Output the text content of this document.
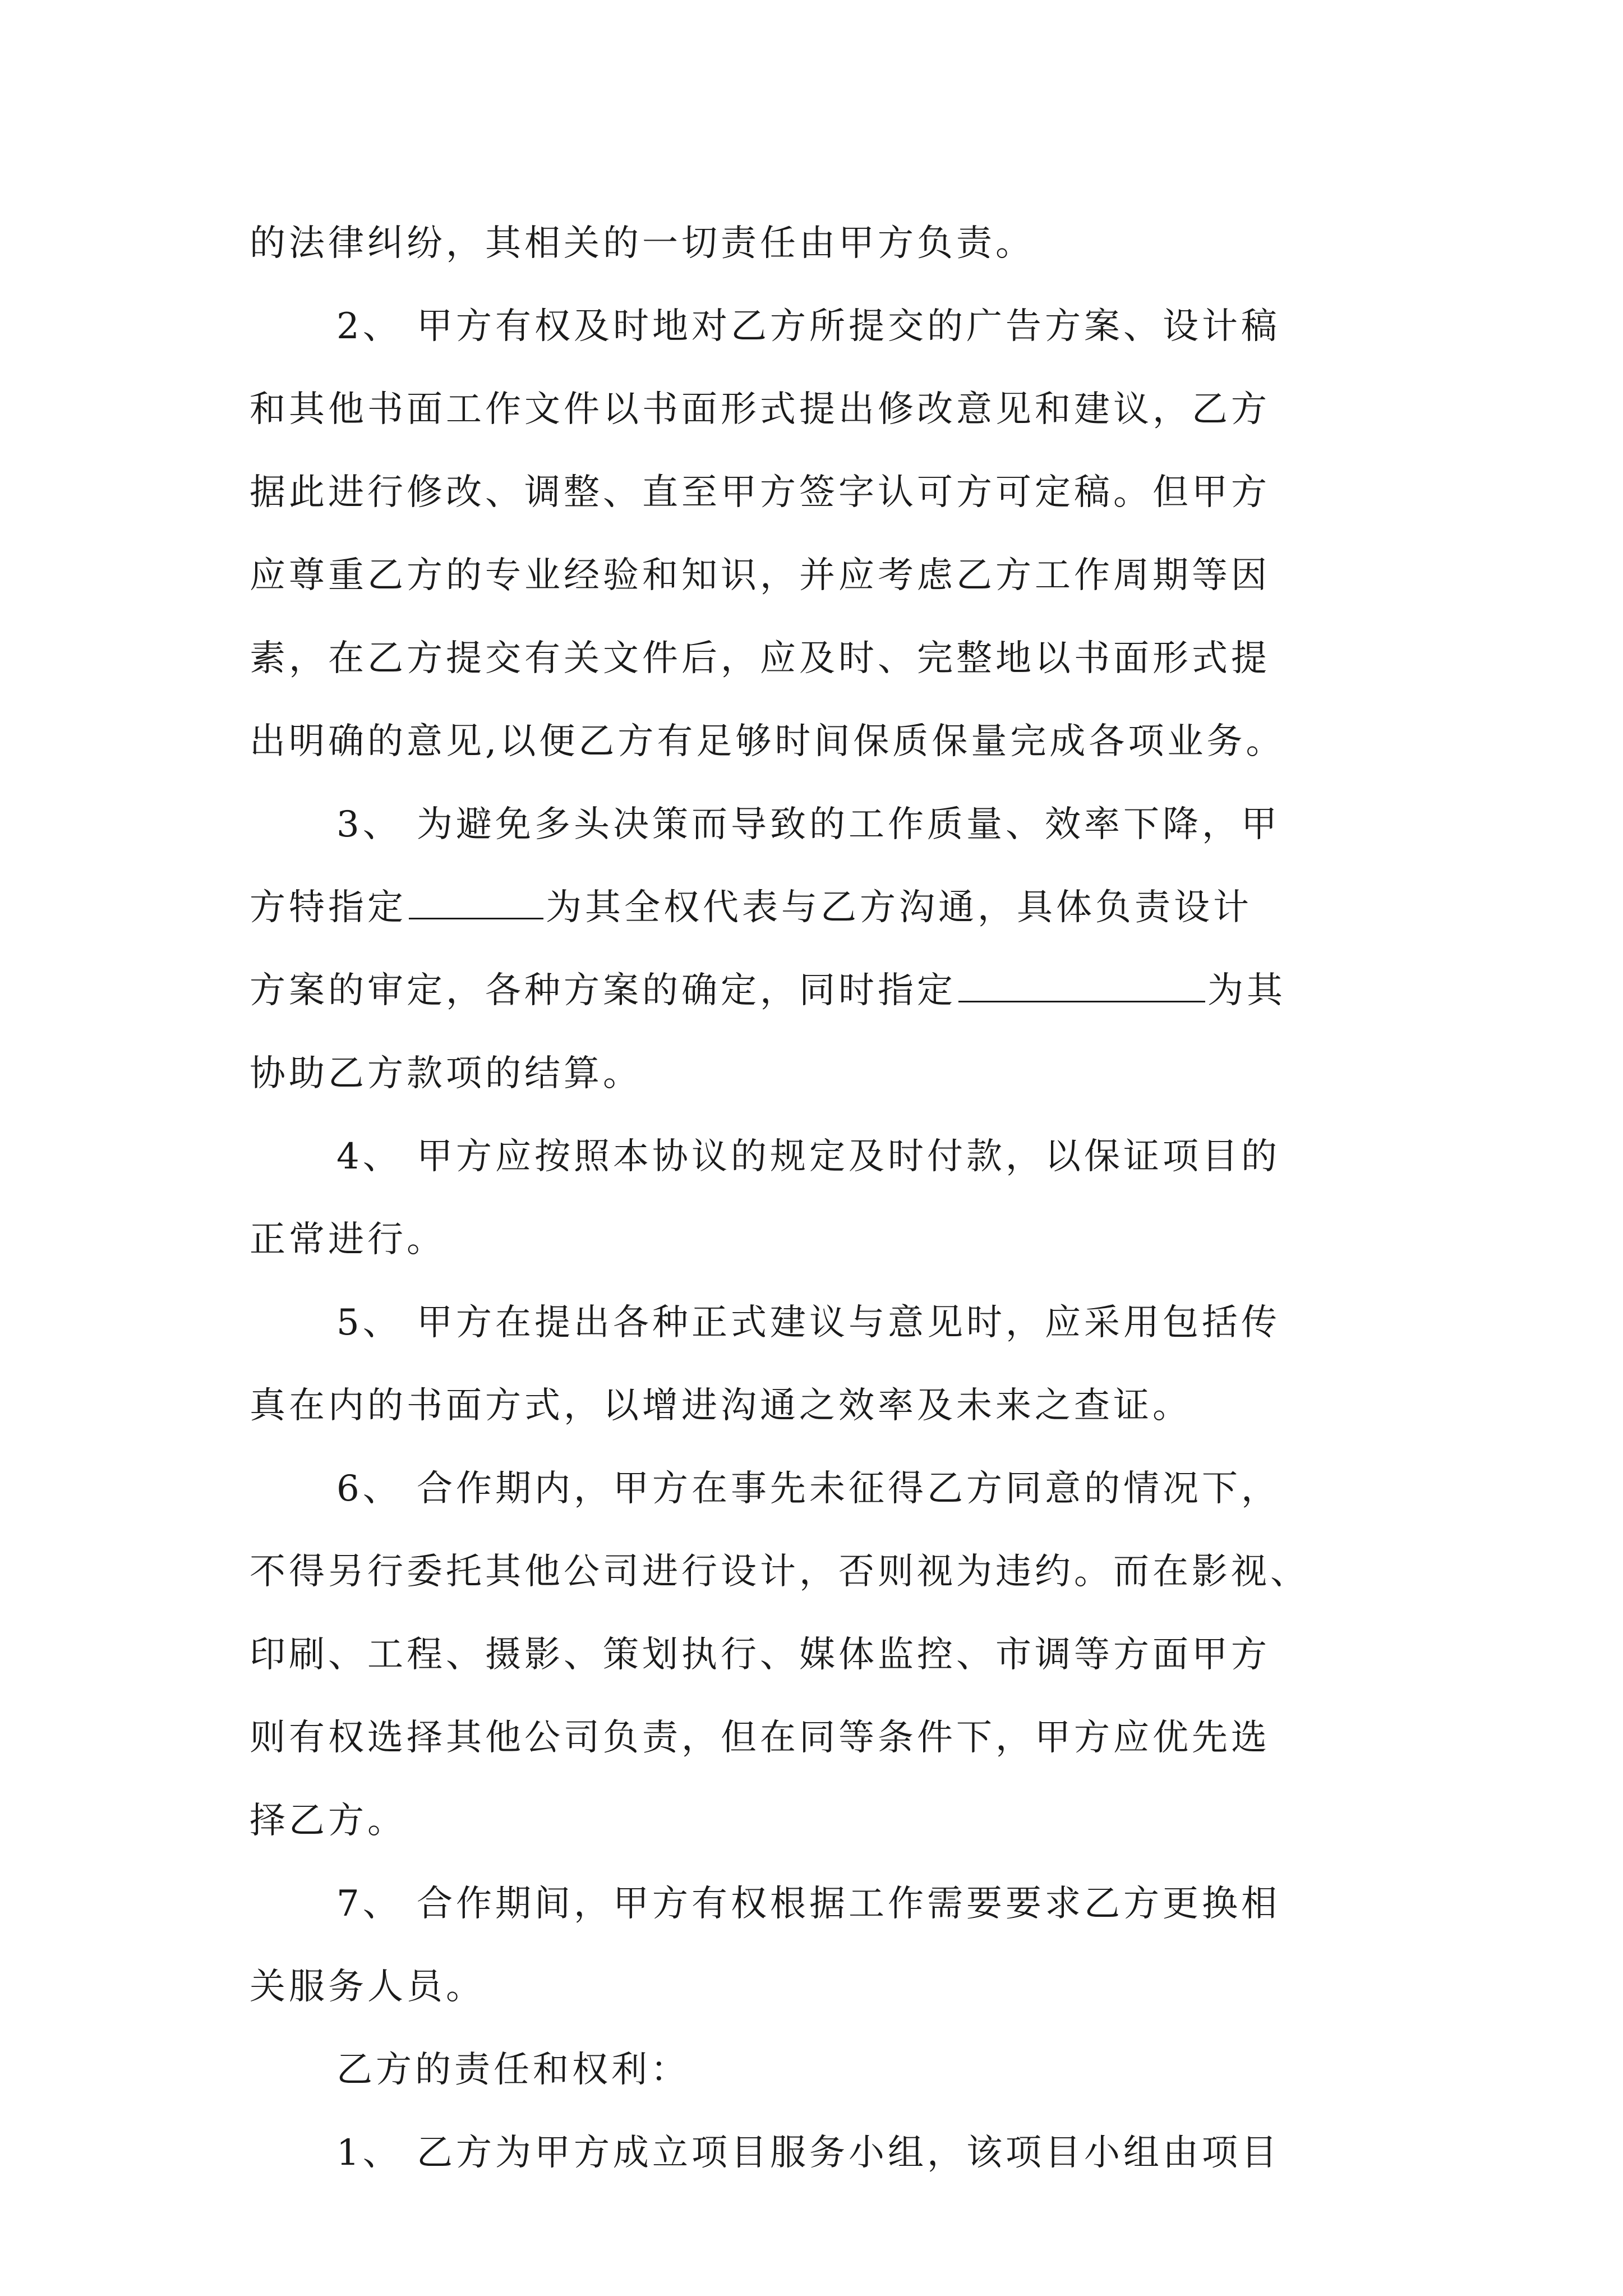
的法律纠纷，其相关的一切责任由甲方负责。
2、 甲方有权及时地对乙方所提交的广告方案、设计稿
和其他书面工作文件以书面形式提出修改意见和建议，乙方
据此进行修改、调整、直至甲方签字认可方可定稿。但甲方
应尊重乙方的专业经验和知识，并应考虑乙方工作周期等因
素，在乙方提交有关文件后，应及时、完整地以书面形式提
出明确的意见,以便乙方有足够时间保质保量完成各项业务。
3、 为避免多头决策而导致的工作质量、效率下降，甲
方特指定	为其全权代表与乙方沟通，具体负责设计
方案的审定，各种方案的确定，同时指定	为其
协助乙方款项的结算。
4、 甲方应按照本协议的规定及时付款，以保证项目的
正常进行。
5、 甲方在提出各种正式建议与意见时，应采用包括传
真在内的书面方式，以增进沟通之效率及未来之查证。
6、 合作期内，甲方在事先未征得乙方同意的情况下，
不得另行委托其他公司进行设计，否则视为违约。而在影视、
印刷、工程、摄影、策划执行、媒体监控、市调等方面甲方
则有权选择其他公司负责，但在同等条件下，甲方应优先选
择乙方。
7、 合作期间，甲方有权根据工作需要要求乙方更换相
关服务人员。
乙方的责任和权利：
1、 乙方为甲方成立项目服务小组，该项目小组由项目
